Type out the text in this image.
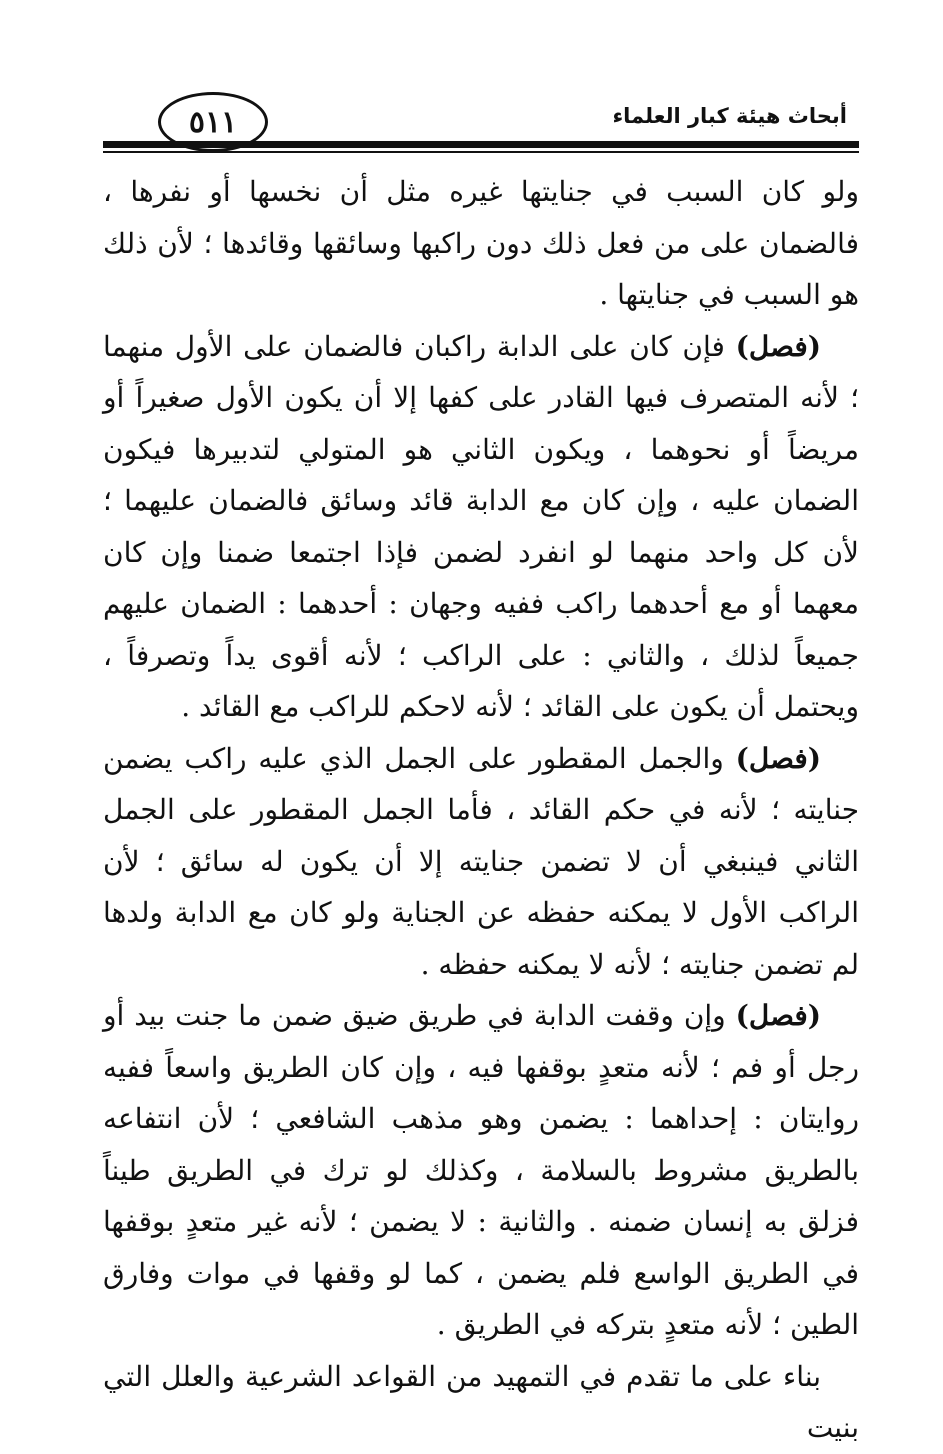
٥١١	أبحاث هيئة كبار العلماء

ولو كان السبب في جنايتها غيره مثل أن نخسها أو نفرها ، فالضمان على من فعل ذلك دون راكبها وسائقها وقائدها ؛ لأن ذلك هو السبب في جنايتها .

(فصل) فإن كان على الدابة راكبان فالضمان على الأول منهما ؛ لأنه المتصرف فيها القادر على كفها إلا أن يكون الأول صغيراً أو مريضاً أو نحوهما ، ويكون الثاني هو المتولي لتدبيرها فيكون الضمان عليه ، وإن كان مع الدابة قائد وسائق فالضمان عليهما ؛ لأن كل واحد منهما لو انفرد لضمن فإذا اجتمعا ضمنا وإن كان معهما أو مع أحدهما راكب ففيه وجهان : أحدهما : الضمان عليهم جميعاً لذلك ، والثاني : على الراكب ؛ لأنه أقوى يداً وتصرفاً ، ويحتمل أن يكون على القائد ؛ لأنه لاحكم للراكب مع القائد .

(فصل) والجمل المقطور على الجمل الذي عليه راكب يضمن جنايته ؛ لأنه في حكم القائد ، فأما الجمل المقطور على الجمل الثاني فينبغي أن لا تضمن جنايته إلا أن يكون له سائق ؛ لأن الراكب الأول لا يمكنه حفظه عن الجناية ولو كان مع الدابة ولدها لم تضمن جنايته ؛ لأنه لا يمكنه حفظه .

(فصل) وإن وقفت الدابة في طريق ضيق ضمن ما جنت بيد أو رجل أو فم ؛ لأنه متعدٍ بوقفها فيه ، وإن كان الطريق واسعاً ففيه روايتان : إحداهما : يضمن وهو مذهب الشافعي ؛ لأن انتفاعه بالطريق مشروط بالسلامة ، وكذلك لو ترك في الطريق طيناً فزلق به إنسان ضمنه . والثانية : لا يضمن ؛ لأنه غير متعدٍ بوقفها في الطريق الواسع فلم يضمن ، كما لو وقفها في موات وفارق الطين ؛ لأنه متعدٍ بتركه في الطريق .

بناء على ما تقدم في التمهيد من القواعد الشرعية والعلل التي بنيت
